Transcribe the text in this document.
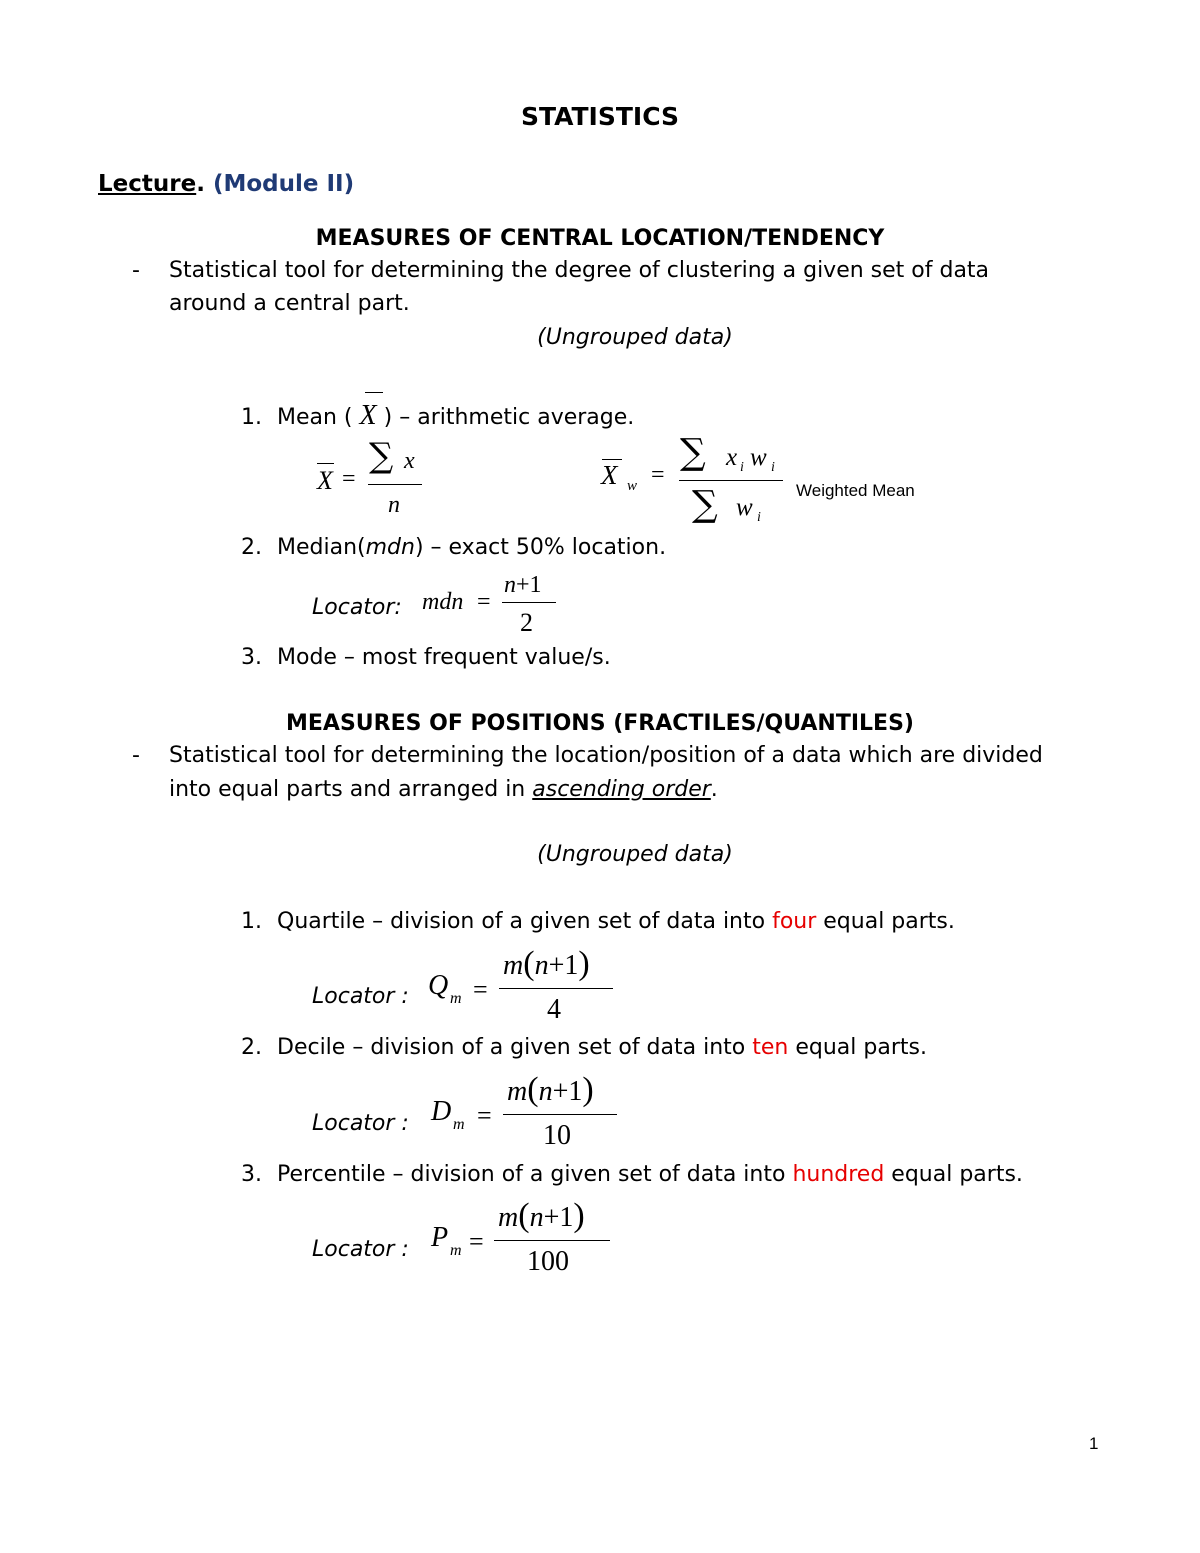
STATISTICS
Lecture. (Module II)
MEASURES OF CENTRAL LOCATION/TENDENCY
- Statistical tool for determining the degree of clustering a given set of data
around a central part.
(Ungrouped data)
1. Mean ( X ) – arithmetic average.
X =
∑ x
n
X w =
∑ x i w i
∑ w i
Weighted Mean
2. Median(mdn) – exact 50% location.
Locator: mdn =
n+1
2
3. Mode – most frequent value/s.
MEASURES OF POSITIONS (FRACTILES/QUANTILES)
- Statistical tool for determining the location/position of a data which are divided
into equal parts and arranged in ascending order.
(Ungrouped data)
1. Quartile – division of a given set of data into four equal parts.
Locator : Q m =
m(n+1)
4
2. Decile – division of a given set of data into ten equal parts.
Locator : D m =
m(n+1)
10
3. Percentile – division of a given set of data into hundred equal parts.
Locator : P m =
m(n+1)
100
1
